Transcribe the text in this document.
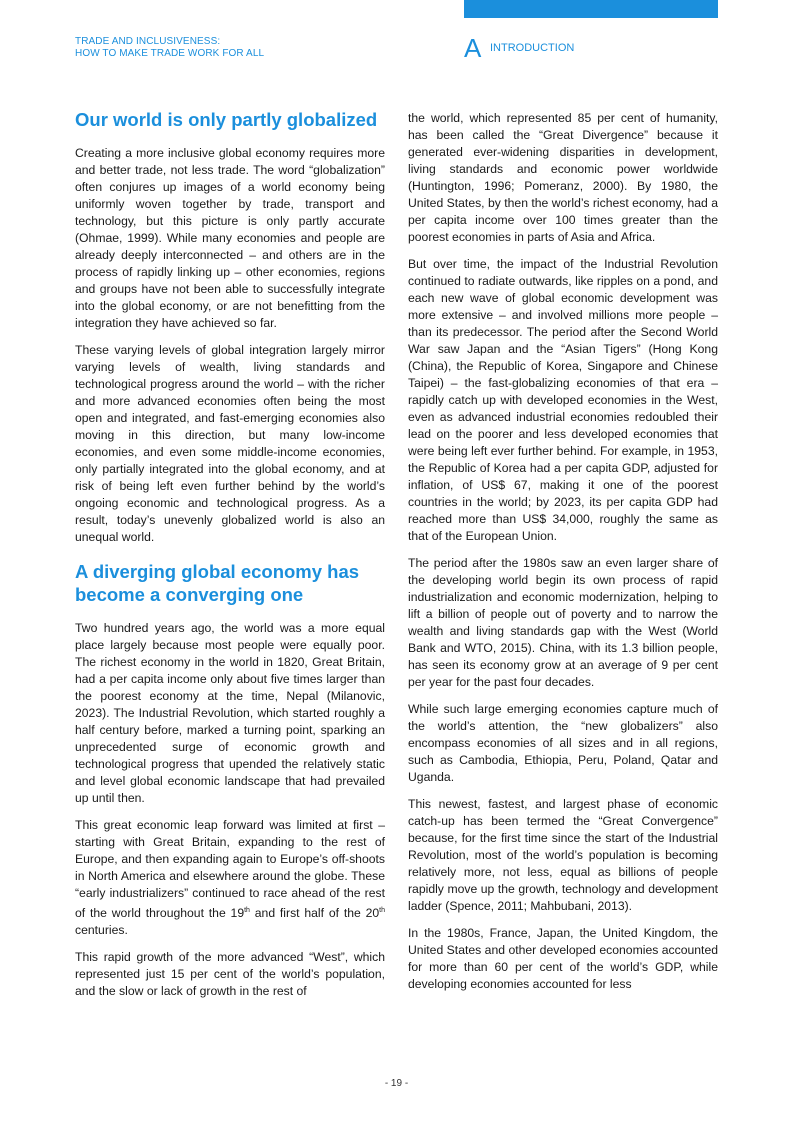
TRADE AND INCLUSIVENESS:
HOW TO MAKE TRADE WORK FOR ALL	A INTRODUCTION
Our world is only partly globalized

Creating a more inclusive global economy requires more and better trade, not less trade. The word “globalization” often conjures up images of a world economy being uniformly woven together by trade, transport and technology, but this picture is only partly accurate (Ohmae, 1999). While many economies and people are already deeply interconnected – and others are in the process of rapidly linking up – other economies, regions and groups have not been able to successfully integrate into the global economy, or are not benefitting from the integration they have achieved so far.

These varying levels of global integration largely mirror varying levels of wealth, living standards and technological progress around the world – with the richer and more advanced economies often being the most open and integrated, and fast-emerging economies also moving in this direction, but many low-income economies, and even some middle-income economies, only partially integrated into the global economy, and at risk of being left even further behind by the world’s ongoing economic and technological progress. As a result, today’s unevenly globalized world is also an unequal world.

A diverging global economy has become a converging one

Two hundred years ago, the world was a more equal place largely because most people were equally poor. The richest economy in the world in 1820, Great Britain, had a per capita income only about five times larger than the poorest economy at the time, Nepal (Milanovic, 2023). The Industrial Revolution, which started roughly a half century before, marked a turning point, sparking an unprecedented surge of economic growth and technological progress that upended the relatively static and level global economic landscape that had prevailed up until then.

This great economic leap forward was limited at first – starting with Great Britain, expanding to the rest of Europe, and then expanding again to Europe’s off-shoots in North America and elsewhere around the globe. These “early industrializers” continued to race ahead of the rest of the world throughout the 19th and first half of the 20th centuries.

This rapid growth of the more advanced “West”, which represented just 15 per cent of the world’s population, and the slow or lack of growth in the rest of

the world, which represented 85 per cent of humanity, has been called the “Great Divergence” because it generated ever-widening disparities in development, living standards and economic power worldwide (Huntington, 1996; Pomeranz, 2000). By 1980, the United States, by then the world’s richest economy, had a per capita income over 100 times greater than the poorest economies in parts of Asia and Africa.

But over time, the impact of the Industrial Revolution continued to radiate outwards, like ripples on a pond, and each new wave of global economic development was more extensive – and involved millions more people – than its predecessor. The period after the Second World War saw Japan and the “Asian Tigers” (Hong Kong (China), the Republic of Korea, Singapore and Chinese Taipei) – the fast-globalizing economies of that era – rapidly catch up with developed economies in the West, even as advanced industrial economies redoubled their lead on the poorer and less developed economies that were being left ever further behind. For example, in 1953, the Republic of Korea had a per capita GDP, adjusted for inflation, of US$ 67, making it one of the poorest countries in the world; by 2023, its per capita GDP had reached more than US$ 34,000, roughly the same as that of the European Union.

The period after the 1980s saw an even larger share of the developing world begin its own process of rapid industrialization and economic modernization, helping to lift a billion of people out of poverty and to narrow the wealth and living standards gap with the West (World Bank and WTO, 2015). China, with its 1.3 billion people, has seen its economy grow at an average of 9 per cent per year for the past four decades.

While such large emerging economies capture much of the world’s attention, the “new globalizers” also encompass economies of all sizes and in all regions, such as Cambodia, Ethiopia, Peru, Poland, Qatar and Uganda.

This newest, fastest, and largest phase of economic catch-up has been termed the “Great Convergence” because, for the first time since the start of the Industrial Revolution, most of the world’s population is becoming relatively more, not less, equal as billions of people rapidly move up the growth, technology and development ladder (Spence, 2011; Mahbubani, 2013).

In the 1980s, France, Japan, the United Kingdom, the United States and other developed economies accounted for more than 60 per cent of the world’s GDP, while developing economies accounted for less

- 19 -
